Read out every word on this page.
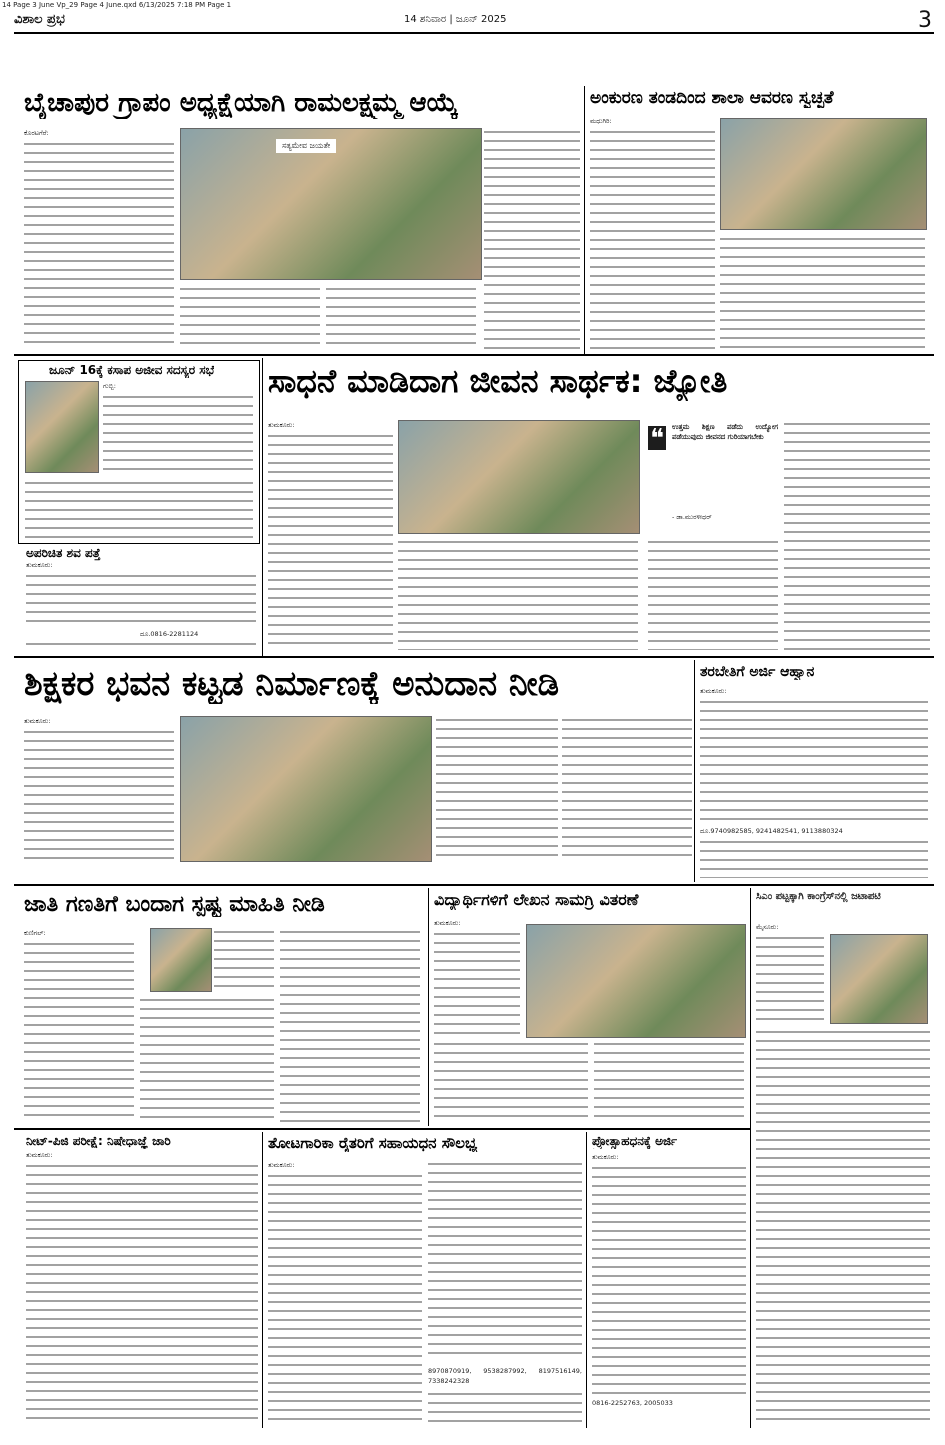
14 Page 3 June Vp_29 Page 4 June.qxd 6/13/2025 7:18 PM Page 1
ವಿಶಾಲ ಪ್ರಭ	14 ಶನಿವಾರ | ಜೂನ್ 2025	3
ಬೈಚಾಪುರ ಗ್ರಾಪಂ ಅಧ್ಯಕ್ಷೆಯಾಗಿ ರಾಮಲಕ್ಷ್ಮಮ್ಮ ಆಯ್ಕೆ
ಸತ್ಯಮೇವ ಜಯತೇ
ಕೊರಟಗೆರೆ:
ಅಂಕುರಣ ತಂಡದಿಂದ ಶಾಲಾ ಆವರಣ ಸ್ವಚ್ಛತೆ
ಮಧುಗಿರಿ:
ಜೂನ್ 16ಕ್ಕೆ ಕಸಾಪ ಅಜೀವ ಸದಸ್ಯರ ಸಭೆ
ಗುಬ್ಬಿ:
ಅಪರಿಚಿತ ಶವ ಪತ್ತೆ
ತುಮಕೂರು:
ದೂ.0816-2281124
ಸಾಧನೆ ಮಾಡಿದಾಗ ಜೀವನ ಸಾರ್ಥಕ: ಜ್ಯೋತಿ
ತುಮಕೂರು:	❝ ಉತ್ತಮ ಶಿಕ್ಷಣ ಪಡೆದು ಉದ್ಯೋಗ ಪಡೆಯುವುದು ಜೀವನದ ಗುರಿಯಾಗಬೇಕು
- ಡಾ.ಮುರಳೀಧರ್
ಶಿಕ್ಷಕರ ಭವನ ಕಟ್ಟಡ ನಿರ್ಮಾಣಕ್ಕೆ ಅನುದಾನ ನೀಡಿ
ತುಮಕೂರು:
ತರಬೇತಿಗೆ ಅರ್ಜಿ ಆಹ್ವಾನ
ತುಮಕೂರು:
ದೂ.9740982585, 9241482541, 9113880324
ಜಾತಿ ಗಣತಿಗೆ ಬಂದಾಗ ಸ್ಪಷ್ಟ ಮಾಹಿತಿ ನೀಡಿ
ಕುಣಿಗಲ್:
ವಿದ್ಯಾರ್ಥಿಗಳಿಗೆ ಲೇಖನ ಸಾಮಗ್ರಿ ವಿತರಣೆ
ತುಮಕೂರು:
ಸಿಎಂ ಪಟ್ಟಕ್ಕಾಗಿ ಕಾಂಗ್ರೆಸ್‌ನಲ್ಲಿ ಜಟಾಪಟಿ
ಮೈಸೂರು:
ನೀಟ್-ಪಿಜಿ ಪರೀಕ್ಷೆ: ನಿಷೇಧಾಜ್ಞೆ ಜಾರಿ
ತುಮಕೂರು:
ತೋಟಗಾರಿಕಾ ರೈತರಿಗೆ ಸಹಾಯಧನ ಸೌಲಭ್ಯ
ತುಮಕೂರು:
8970870919, 9538287992, 8197516149, 7338242328
ಪ್ರೋತ್ಸಾಹಧನಕ್ಕೆ ಅರ್ಜಿ
ತುಮಕೂರು:
0816-2252763, 2005033
